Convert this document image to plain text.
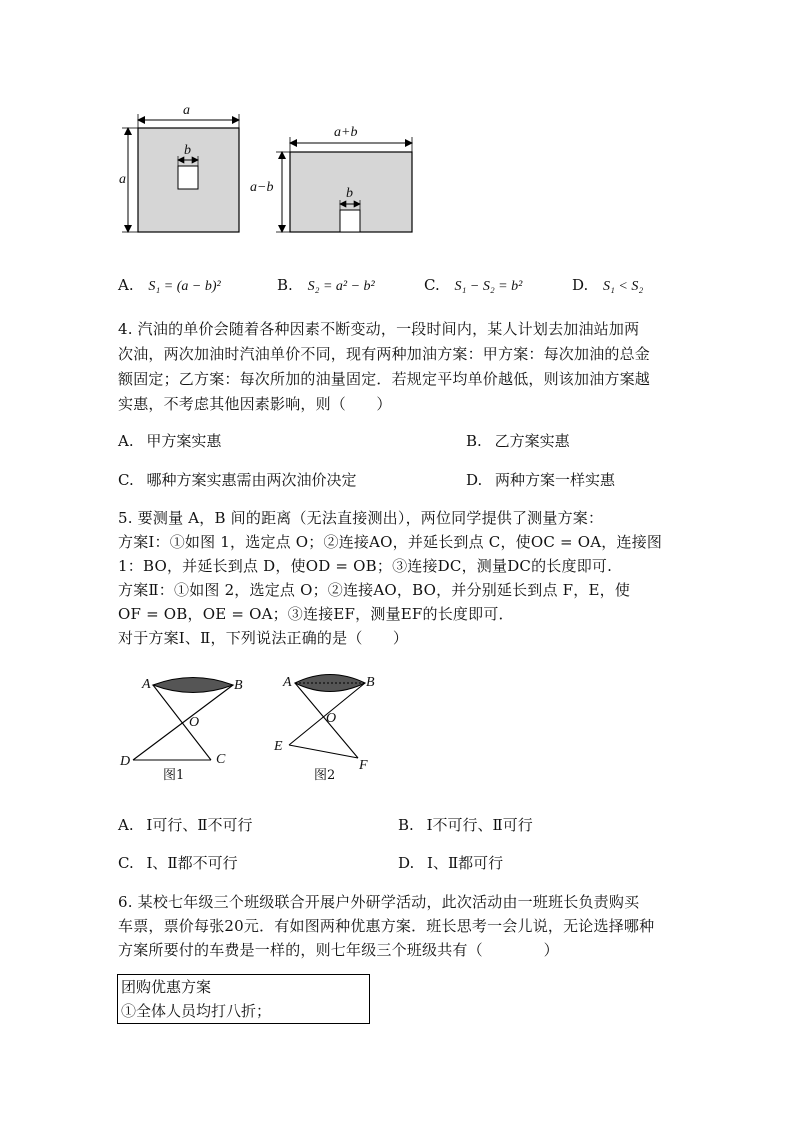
a
a
b
a+b
a−b	b
A. S₁ = (a − b)²	B. S₂ = a² − b²	C. S₁ − S₂ = b²	D. S₁ < S₂
4. 汽油的单价会随着各种因素不断变动，一段时间内，某人计划去加油站加两
次油，两次加油时汽油单价不同，现有两种加油方案：甲方案：每次加油的总金
额固定；乙方案：每次所加的油量固定．若规定平均单价越低，则该加油方案越
实惠，不考虑其他因素影响，则（　　）
A. 甲方案实惠	B. 乙方案实惠
C. 哪种方案实惠需由两次油价决定	D. 两种方案一样实惠
5. 要测量 A，B 间的距离（无法直接测出），两位同学提供了测量方案：
方案Ⅰ：①如图 1，选定点 O；②连接AO，并延长到点 C，使OC = OA，连接图
1：BO，并延长到点 D，使OD = OB；③连接DC，测量DC的长度即可.
方案Ⅱ：①如图 2，选定点 O；②连接AO，BO，并分别延长到点 F，E，使
OF = OB，OE = OA；③连接EF，测量EF的长度即可．
对于方案Ⅰ、Ⅱ，下列说法正确的是（　　）
A	B
O
D	C
图1
A	B
O
E
F
图2
A. Ⅰ可行、Ⅱ不可行	B. Ⅰ不可行、Ⅱ可行
C. Ⅰ、Ⅱ都不可行	D. Ⅰ、Ⅱ都可行
6. 某校七年级三个班级联合开展户外研学活动，此次活动由一班班长负责购买
车票，票价每张20元．有如图两种优惠方案．班长思考一会儿说，无论选择哪种
方案所要付的车费是一样的，则七年级三个班级共有（　　　　）
团购优惠方案
①全体人员均打八折；
